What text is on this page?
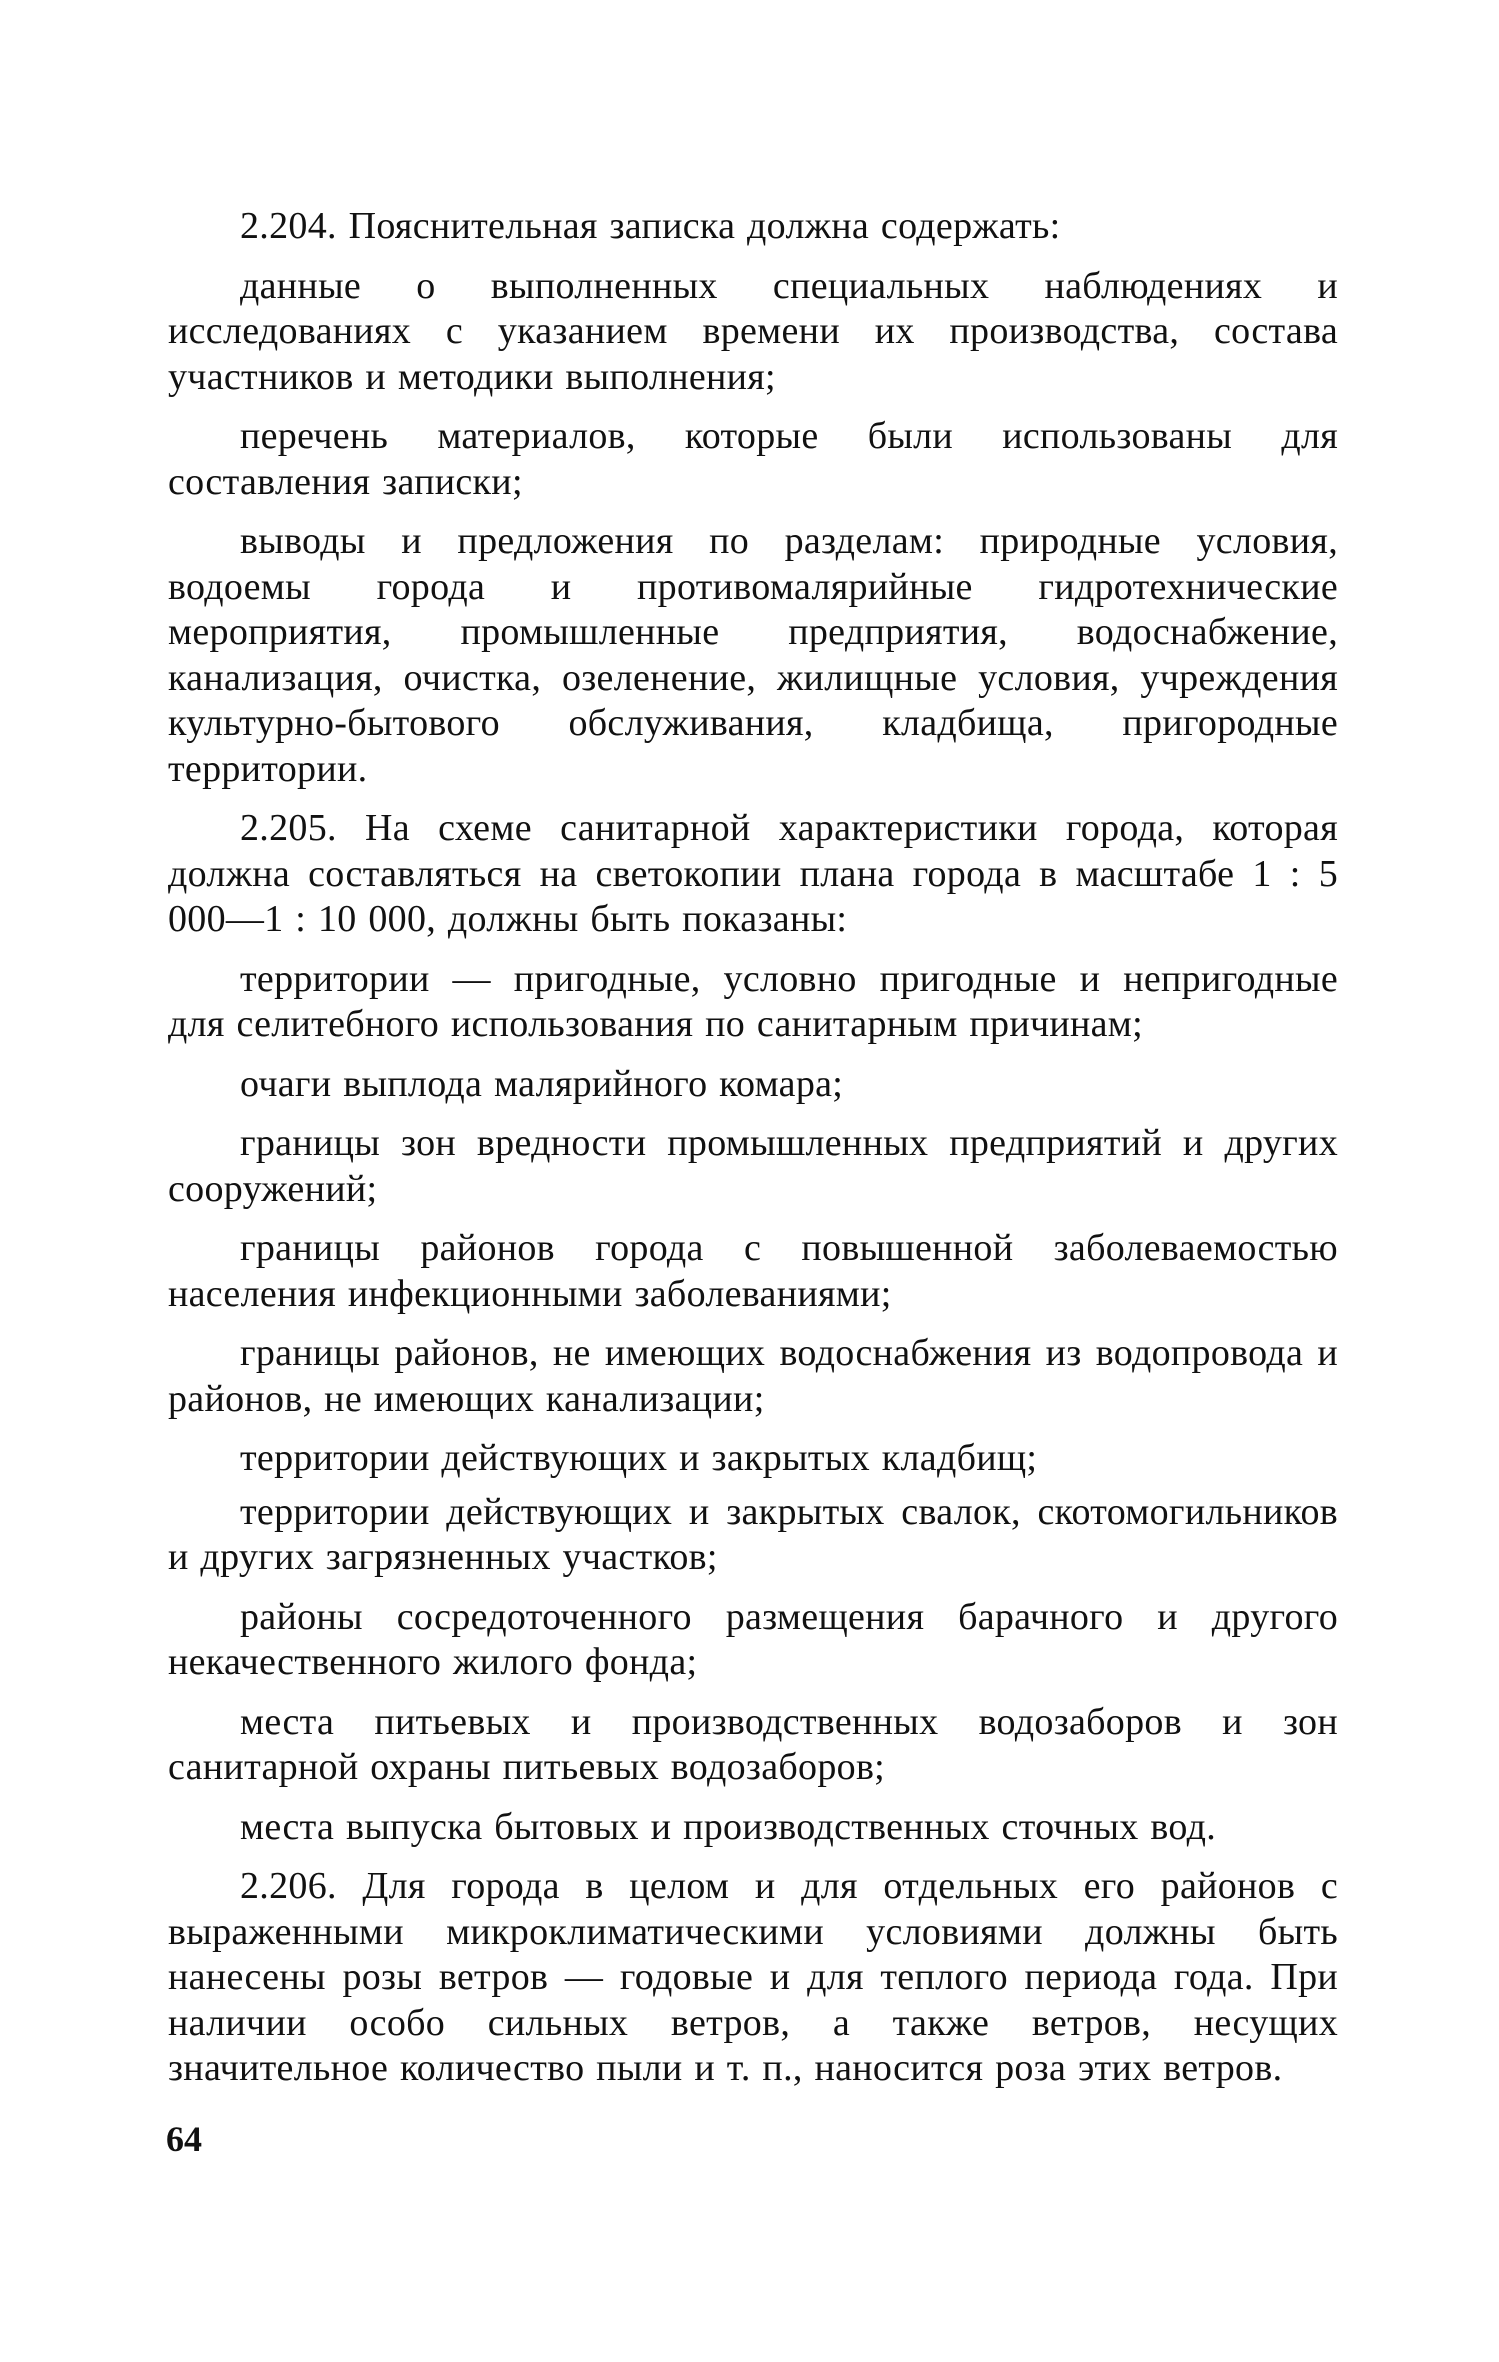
2.204. Пояснительная записка должна содержать:

данные о выполненных специальных наблюдениях и исследованиях с указанием времени их производства, состава участников и методики выполнения;

перечень материалов, которые были использованы для составления записки;

выводы и предложения по разделам: природные условия, водоемы города и противомалярийные гидротехнические мероприятия, промышленные предприятия, водоснабжение, канализация, очистка, озеленение, жилищные условия, учреждения культурно-бытового обслуживания, кладбища, пригородные территории.

2.205. На схеме санитарной характеристики города, которая должна составляться на светокопии плана города в масштабе 1 : 5 000—1 : 10 000, должны быть показаны:

территории — пригодные, условно пригодные и непригодные для селитебного использования по санитарным причинам;

очаги выплода малярийного комара;

границы зон вредности промышленных предприятий и других сооружений;

границы районов города с повышенной заболеваемостью населения инфекционными заболеваниями;

границы районов, не имеющих водоснабжения из водопровода и районов, не имеющих канализации;

территории действующих и закрытых кладбищ;

территории действующих и закрытых свалок, скотомогильников и других загрязненных участков;

районы сосредоточенного размещения барачного и другого некачественного жилого фонда;

места питьевых и производственных водозаборов и зон санитарной охраны питьевых водозаборов;

места выпуска бытовых и производственных сточных вод.

2.206. Для города в целом и для отдельных его районов с выраженными микроклиматическими условиями должны быть нанесены розы ветров — годовые и для теплого периода года. При наличии особо сильных ветров, а также ветров, несущих значительное количество пыли и т. п., наносится роза этих ветров.

64
